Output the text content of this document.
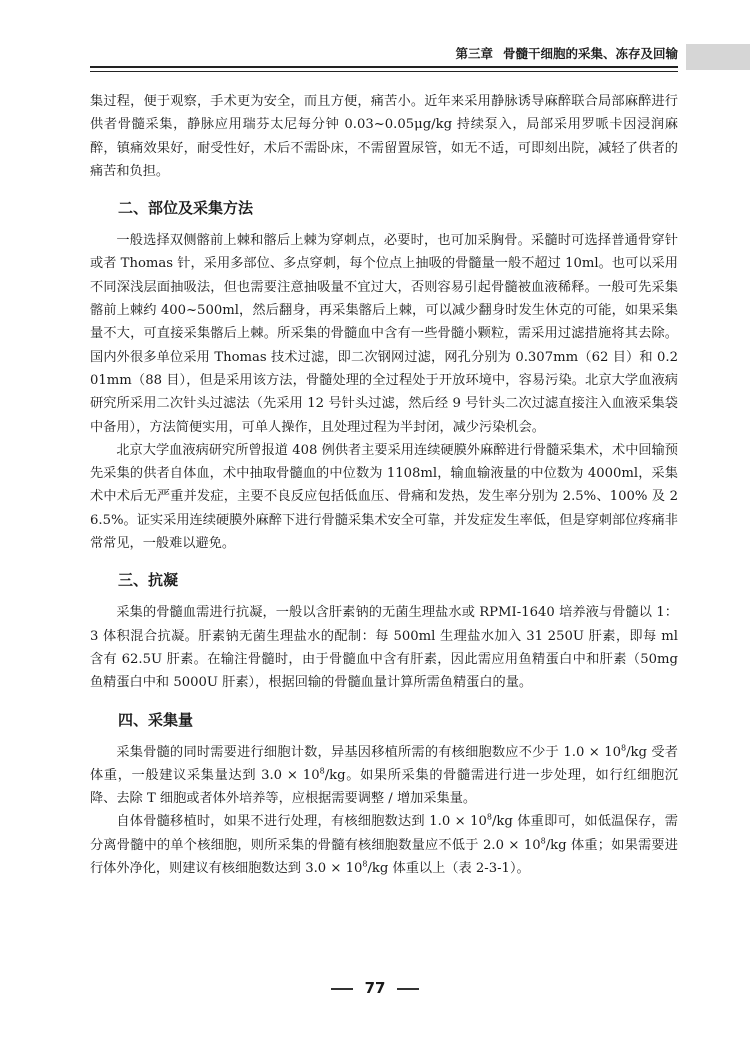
第三章 骨髓干细胞的采集、冻存及回输

集过程，便于观察，手术更为安全，而且方便，痛苦小。近年来采用静脉诱导麻醉联合局部麻醉进行供者骨髓采集，静脉应用瑞芬太尼每分钟 0.03~0.05μg/kg 持续泵入，局部采用罗哌卡因浸润麻醉，镇痛效果好，耐受性好，术后不需卧床，不需留置尿管，如无不适，可即刻出院，减轻了供者的痛苦和负担。

二、部位及采集方法

一般选择双侧髂前上棘和髂后上棘为穿刺点，必要时，也可加采胸骨。采髓时可选择普通骨穿针或者 Thomas 针，采用多部位、多点穿刺，每个位点上抽吸的骨髓量一般不超过 10ml。也可以采用不同深浅层面抽吸法，但也需要注意抽吸量不宜过大，否则容易引起骨髓被血液稀释。一般可先采集髂前上棘约 400~500ml，然后翻身，再采集髂后上棘，可以减少翻身时发生休克的可能，如果采集量不大，可直接采集髂后上棘。所采集的骨髓血中含有一些骨髓小颗粒，需采用过滤措施将其去除。国内外很多单位采用 Thomas 技术过滤，即二次钢网过滤，网孔分别为 0.307mm（62 目）和 0.201mm（88 目），但是采用该方法，骨髓处理的全过程处于开放环境中，容易污染。北京大学血液病研究所采用二次针头过滤法（先采用 12 号针头过滤，然后经 9 号针头二次过滤直接注入血液采集袋中备用），方法简便实用，可单人操作，且处理过程为半封闭，减少污染机会。

北京大学血液病研究所曾报道 408 例供者主要采用连续硬膜外麻醉进行骨髓采集术，术中回输预先采集的供者自体血，术中抽取骨髓血的中位数为 1108ml，输血输液量的中位数为 4000ml，采集术中术后无严重并发症，主要不良反应包括低血压、骨痛和发热，发生率分别为 2.5%、100% 及 26.5%。证实采用连续硬膜外麻醉下进行骨髓采集术安全可靠，并发症发生率低，但是穿刺部位疼痛非常常见，一般难以避免。

三、抗凝

采集的骨髓血需进行抗凝，一般以含肝素钠的无菌生理盐水或 RPMI-1640 培养液与骨髓以 1：3 体积混合抗凝。肝素钠无菌生理盐水的配制：每 500ml 生理盐水加入 31 250U 肝素，即每 ml 含有 62.5U 肝素。在输注骨髓时，由于骨髓血中含有肝素，因此需应用鱼精蛋白中和肝素（50mg 鱼精蛋白中和 5000U 肝素），根据回输的骨髓血量计算所需鱼精蛋白的量。

四、采集量

采集骨髓的同时需要进行细胞计数，异基因移植所需的有核细胞数应不少于 $1.0 \times 10^8/kg$ 受者体重，一般建议采集量达到 $3.0 \times 10^8/kg$。如果所采集的骨髓需进行进一步处理，如行红细胞沉降、去除 T 细胞或者体外培养等，应根据需要调整 / 增加采集量。

自体骨髓移植时，如果不进行处理，有核细胞数达到 $1.0 \times 10^8/kg$ 体重即可，如低温保存，需分离骨髓中的单个核细胞，则所采集的骨髓有核细胞数量应不低于 $2.0 \times 10^8/kg$ 体重；如果需要进行体外净化，则建议有核细胞数达到 $3.0 \times 10^8/kg$ 体重以上（表 2-3-1）。

77
